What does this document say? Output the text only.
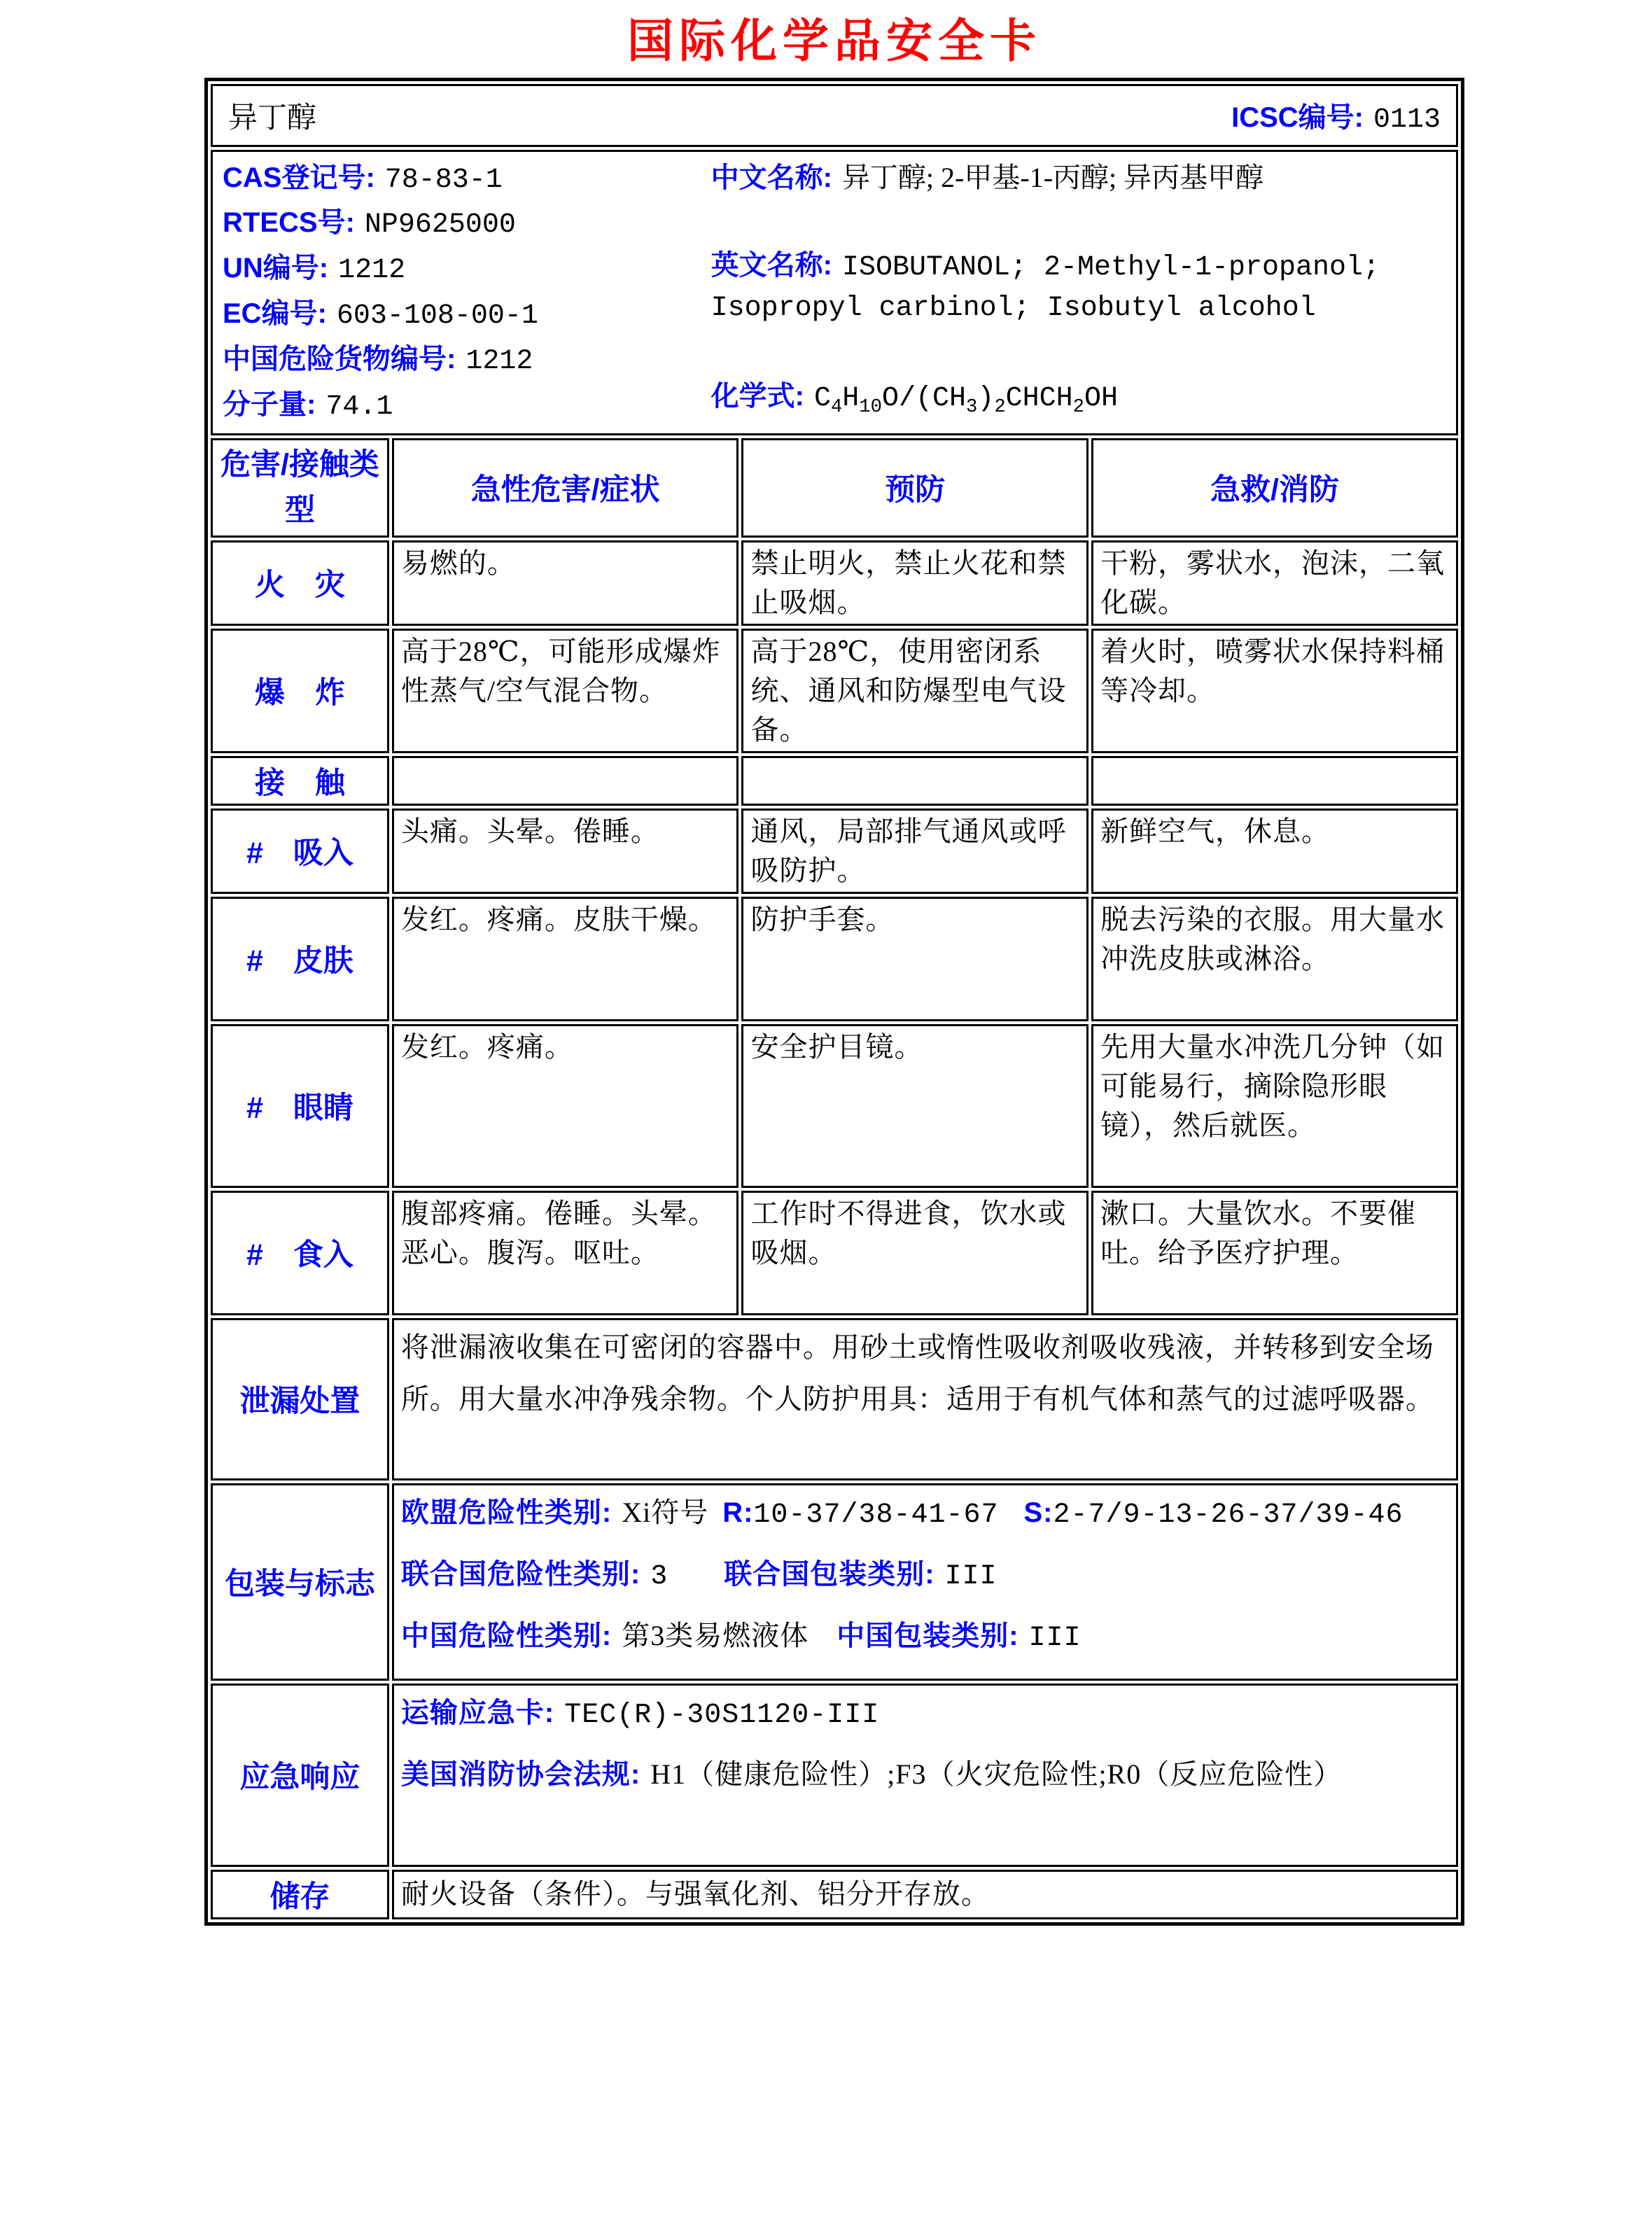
国际化学品安全卡
异丁醇 ICSC编号: 0113			

CAS登记号: 78-83-1
RTECS号: NP9625000
UN编号: 1212
EC编号: 603-108-00-1
中国危险货物编号: 1212
分子量: 74.1
中文名称: 异丁醇; 2-甲基-1-丙醇; 异丙基甲醇
英文名称: ISOBUTANOL; 2-Methyl-1-propanol; Isopropyl carbinol; Isobutyl alcohol
化学式: $C_4H_{10}O/(CH_3)_2CHCH_2OH$

危害/接触类型	急性危害/症状	预防	急救/消防
火　灾	易燃的。	禁止明火，禁止火花和禁止吸烟。	干粉，雾状水，泡沫，二氧化碳。
爆　炸	高于28℃，可能形成爆炸性蒸气/空气混合物。	高于28℃，使用密闭系统、通风和防爆型电气设备。	着火时，喷雾状水保持料桶等冷却。
接　触			
#　吸入	头痛。头晕。倦睡。	通风，局部排气通风或呼吸防护。	新鲜空气，休息。
#　皮肤	发红。疼痛。皮肤干燥。	防护手套。	脱去污染的衣服。用大量水冲洗皮肤或淋浴。
#　眼睛	发红。疼痛。	安全护目镜。	先用大量水冲洗几分钟（如可能易行，摘除隐形眼镜），然后就医。
#　食入	腹部疼痛。倦睡。头晕。恶心。腹泻。呕吐。	工作时不得进食，饮水或吸烟。	漱口。大量饮水。不要催吐。给予医疗护理。
泄漏处置	将泄漏液收集在可密闭的容器中。用砂土或惰性吸收剂吸收残液，并转移到安全场所。用大量水冲净残余物。个人防护用具：适用于有机气体和蒸气的过滤呼吸器。		
包装与标志	欧盟危险性类别: Xi符号 R:10-37/38-41-67 S:2-7/9-13-26-37/39-46

联合国危险性类别: 3 联合国包装类别: III

中国危险性类别: 第3类易燃液体 中国包装类别: III		

应急响应	运输应急卡: TEC(R)-30S1120-III

美国消防协会法规: H1（健康危险性）;F3（火灾危险性;R0（反应危险性）		

储存	耐火设备（条件）。与强氧化剂、铝分开存放。		
